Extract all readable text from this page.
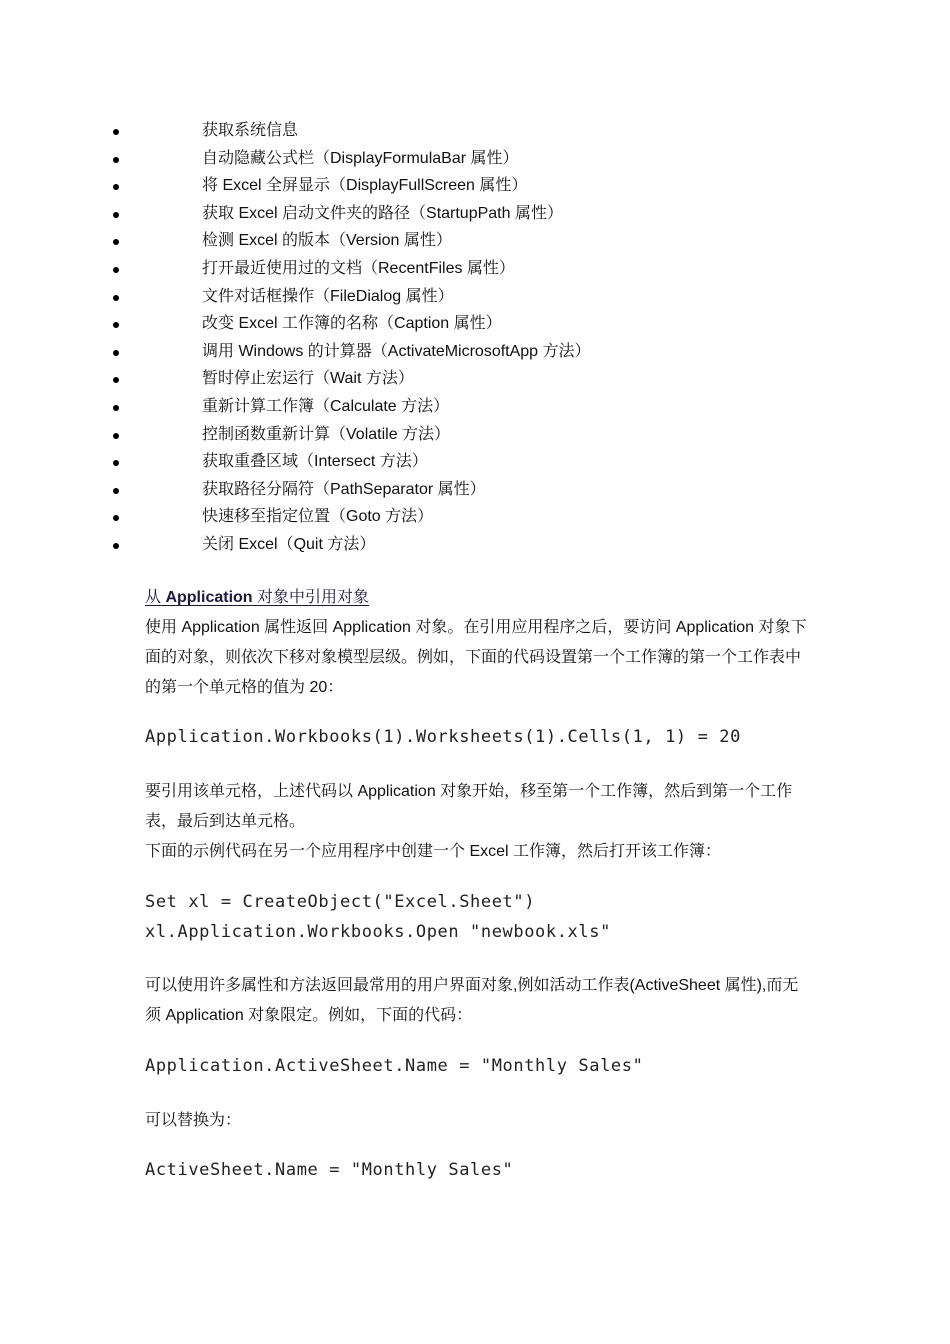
获取系统信息
自动隐藏公式栏（DisplayFormulaBar 属性）
将 Excel 全屏显示（DisplayFullScreen 属性）
获取 Excel 启动文件夹的路径（StartupPath 属性）
检测 Excel 的版本（Version 属性）
打开最近使用过的文档（RecentFiles 属性）
文件对话框操作（FileDialog 属性）
改变 Excel 工作簿的名称（Caption 属性）
调用 Windows 的计算器（ActivateMicrosoftApp 方法）
暂时停止宏运行（Wait 方法）
重新计算工作簿（Calculate 方法）
控制函数重新计算（Volatile 方法）
获取重叠区域（Intersect 方法）
获取路径分隔符（PathSeparator 属性）
快速移至指定位置（Goto 方法）
关闭 Excel（Quit 方法）
从 Application 对象中引用对象

使用 Application 属性返回 Application 对象。在引用应用程序之后，要访问 Application 对象下面的对象，则依次下移对象模型层级。例如，下面的代码设置第一个工作簿的第一个工作表中的第一个单元格的值为 20：

Application.Workbooks(1).Worksheets(1).Cells(1, 1) = 20

要引用该单元格，上述代码以 Application 对象开始，移至第一个工作簿，然后到第一个工作表，最后到达单元格。

下面的示例代码在另一个应用程序中创建一个 Excel 工作簿，然后打开该工作簿：

Set xl = CreateObject("Excel.Sheet")
xl.Application.Workbooks.Open "newbook.xls"

可以使用许多属性和方法返回最常用的用户界面对象,例如活动工作表(ActiveSheet 属性),而无须 Application 对象限定。例如，下面的代码：

Application.ActiveSheet.Name = "Monthly Sales"

可以替换为：

ActiveSheet.Name = "Monthly Sales"
